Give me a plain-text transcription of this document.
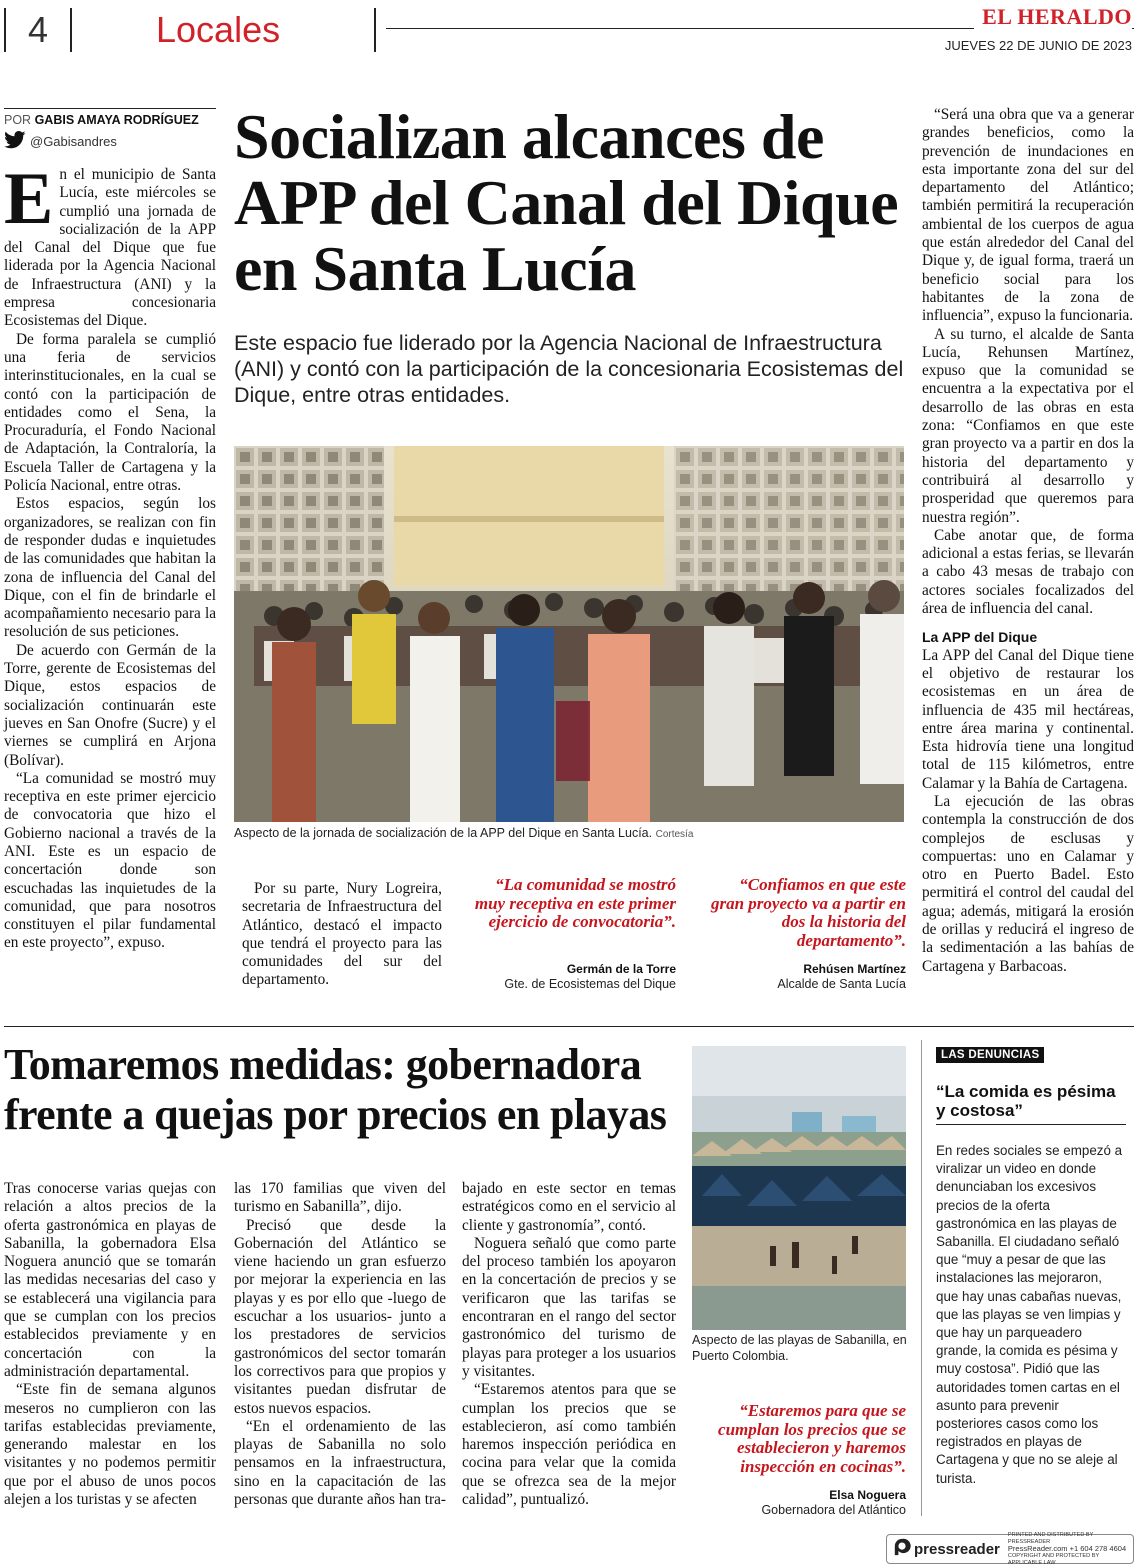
4	Locales	EL HERALDO
JUEVES 22 DE JUNIO DE 2023
POR GABIS AMAYA RODRÍGUEZ
@Gabisandres

En el municipio de Santa Lucía, este miércoles se cumplió una jornada de socialización de la APP del Canal del Dique que fue liderada por la Agencia Nacional de Infraestructura (ANI) y la empresa concesionaria Ecosistemas del Dique.

De forma paralela se cumplió una feria de servicios interinstitucionales, en la cual se contó con la participación de entidades como el Sena, la Procuraduría, el Fondo Nacional de Adaptación, la Contraloría, la Escuela Taller de Cartagena y la Policía Nacional, entre otras.

Estos espacios, según los organizadores, se realizan con fin de responder dudas e inquietudes de las comunidades que habitan la zona de influencia del Canal del Dique, con el fin de brindarle el acompañamiento necesario para la resolución de sus peticiones.

De acuerdo con Germán de la Torre, gerente de Ecosistemas del Dique, estos espacios de socialización continuarán este jueves en San Onofre (Sucre) y el viernes se cumplirá en Arjona (Bolívar).

“La comunidad se mostró muy receptiva en este primer ejercicio de convocatoria que hizo el Gobierno nacional a través de la ANI. Este es un espacio de concertación donde son escuchadas las inquietudes de la comunidad, que para nosotros constituyen el pilar fundamental en este proyecto”, expuso.

Socializan alcances de APP del Canal del Dique en Santa Lucía
Este espacio fue liderado por la Agencia Nacional de Infraestructura (ANI) y contó con la participación de la concesionaria Ecosistemas del Dique, entre otras entidades.
Aspecto de la jornada de socialización de la APP del Dique en Santa Lucía. Cortesía

Por su parte, Nury Logreira, secretaria de Infraestructura del Atlántico, destacó el impacto que tendrá el proyecto para las comunidades del sur del departamento.

“La comunidad se mostró muy receptiva en este primer ejercicio de convocatoria”.
Germán de la Torre
Gte. de Ecosistemas del Dique
“Confiamos en que este gran proyecto va a partir en dos la historia del departamento”.
Rehúsen Martínez
Alcalde de Santa Lucía

“Será una obra que va a generar grandes beneficios, como la prevención de inundaciones en esta importante zona del sur del departamento del Atlántico; también permitirá la recuperación ambiental de los cuerpos de agua que están alrededor del Canal del Dique y, de igual forma, traerá un beneficio social para los habitantes de la zona de influencia”, expuso la funcionaria.

A su turno, el alcalde de Santa Lucía, Rehunsen Martínez, expuso que la comunidad se encuentra a la expectativa por el desarrollo de las obras en esta zona: “Confiamos en que este gran proyecto va a partir en dos la historia del departamento y contribuirá al desarrollo y prosperidad que queremos para nuestra región”.

Cabe anotar que, de forma adicional a estas ferias, se llevarán a cabo 43 mesas de trabajo con actores sociales focalizados del área de influencia del canal.

La APP del Dique

La APP del Canal del Dique tiene el objetivo de restaurar los ecosistemas en un área de influencia de 435 mil hectáreas, entre área marina y continental. Esta hidrovía tiene una longitud total de 115 kilómetros, entre Calamar y la Bahía de Cartagena.

La ejecución de las obras contempla la construcción de dos complejos de esclusas y compuertas: uno en Calamar y otro en Puerto Badel. Esto permitirá el control del caudal del agua; además, mitigará la erosión de orillas y reducirá el ingreso de la sedimentación a las bahías de Cartagena y Barbacoas.

Tomaremos medidas: gobernadora frente a quejas por precios en playas

Tras conocerse varias quejas con relación a altos precios de la oferta gastronómica en playas de Sabanilla, la gobernadora Elsa Noguera anunció que se tomarán las medidas necesarias del caso y se establecerá una vigilancia para que se cumplan con los precios establecidos previamente y en concertación con la administración departamental.

“Este fin de semana algunos meseros no cumplieron con las tarifas establecidas previamente, generando malestar en los visitantes y no podemos permitir que por el abuso de unos pocos alejen a los turistas y se afecten

las 170 familias que viven del turismo en Sabanilla”, dijo.

Precisó que desde la Gobernación del Atlántico se viene haciendo un gran esfuerzo por mejorar la experiencia en las playas y es por ello que -luego de escuchar a los usuarios- junto a los prestadores de servicios gastronómicos del sector tomarán los correctivos para que propios y visitantes puedan disfrutar de estos nuevos espacios.

“En el ordenamiento de las playas de Sabanilla no solo pensamos en la infraestructura, sino en la capacitación de las personas que durante años han tra-

bajado en este sector en temas estratégicos como en el servicio al cliente y gastronomía”, contó.

Noguera señaló que como parte del proceso también los apoyaron en la concertación de precios y se verificaron que las tarifas se encontraran en el rango del sector gastronómico del turismo de playas para proteger a los usuarios y visitantes.

“Estaremos atentos para que se cumplan los precios que se establecieron, así como también haremos inspección periódica en cocina para velar que la comida que se ofrezca sea de la mejor calidad”, puntualizó.

Aspecto de las playas de Sabanilla, en Puerto Colombia.
“Estaremos para que se cumplan los precios que se establecieron y haremos inspección en cocinas”.
Elsa Noguera
Gobernadora del Atlántico
LAS DENUNCIAS
“La comida es pésima y costosa”
En redes sociales se empezó a viralizar un video en donde denunciaban los excesivos precios de la oferta gastronómica en las playas de Sabanilla. El ciudadano señaló que “muy a pesar de que las instalaciones las mejoraron, que hay unas cabañas nuevas, que las playas se ven limpias y que hay un parqueadero grande, la comida es pésima y muy costosa”. Pidió que las autoridades tomen cartas en el asunto para prevenir posteriores casos como los registrados en playas de Cartagena y que no se aleje al turista.
pressreader
PRINTED AND DISTRIBUTED BY PRESSREADER
PressReader.com +1 604 278 4604
COPYRIGHT AND PROTECTED BY APPLICABLE LAW
